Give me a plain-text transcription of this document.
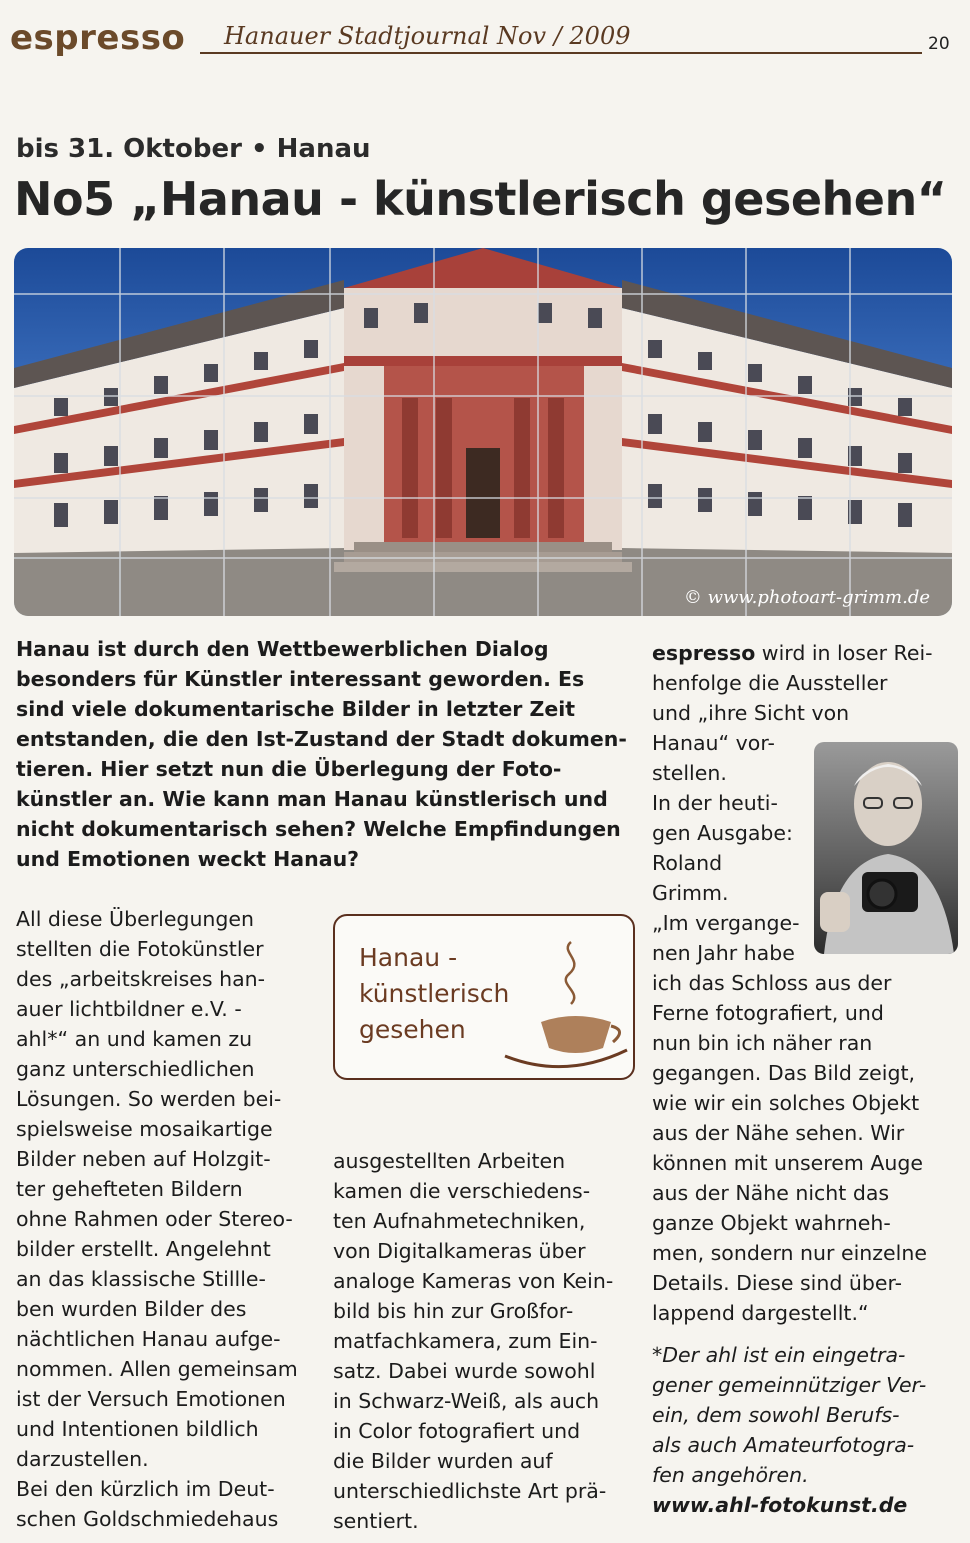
espresso Hanauer Stadtjournal Nov / 2009	20
bis 31. Oktober • Hanau
No5 „Hanau - künstlerisch gesehen“
© www.photoart-grimm.de
Hanau ist durch den Wettbewerblichen Dialog
besonders für Künstler interessant geworden. Es
sind viele dokumentarische Bilder in letzter Zeit
entstanden, die den Ist-Zustand der Stadt dokumen-
tieren. Hier setzt nun die Überlegung der Foto-
künstler an. Wie kann man Hanau künstlerisch und
nicht dokumentarisch sehen? Welche Empfindungen
und Emotionen weckt Hanau?
All diese Überlegungen
stellten die Fotokünstler
des „arbeitskreises han-
auer lichtbildner e.V. -
ahl*“ an und kamen zu
ganz unterschiedlichen
Lösungen. So werden bei-
spielsweise mosaikartige
Bilder neben auf Holzgit-
ter gehefteten Bildern
ohne Rahmen oder Stereo-
bilder erstellt. Angelehnt
an das klassische Stillle-
ben wurden Bilder des
nächtlichen Hanau aufge-
nommen. Allen gemeinsam
ist der Versuch Emotionen
und Intentionen bildlich
darzustellen.
Bei den kürzlich im Deut-
schen Goldschmiedehaus
Hanau -
künstlerisch
gesehen
ausgestellten Arbeiten
kamen die verschiedens-
ten Aufnahmetechniken,
von Digitalkameras über
analoge Kameras von Kein-
bild bis hin zur Großfor-
matfachkamera, zum Ein-
satz. Dabei wurde sowohl
in Schwarz-Weiß, als auch
in Color fotografiert und
die Bilder wurden auf
unterschiedlichste Art prä-
sentiert.
espresso wird in loser Rei-
henfolge die Aussteller
und „ihre Sicht von
Hanau“ vor-
stellen.
In der heuti-
gen Ausgabe:
Roland
Grimm.
„Im vergange-
nen Jahr habe
ich das Schloss aus der
Ferne fotografiert, und
nun bin ich näher ran
gegangen. Das Bild zeigt,
wie wir ein solches Objekt
aus der Nähe sehen. Wir
können mit unserem Auge
aus der Nähe nicht das
ganze Objekt wahrneh-
men, sondern nur einzelne
Details. Diese sind über-
lappend dargestellt.“
*Der ahl ist ein eingetra-
gener gemeinnütziger Ver-
ein, dem sowohl Berufs-
als auch Amateurfotogra-
fen angehören.
www.ahl-fotokunst.de
